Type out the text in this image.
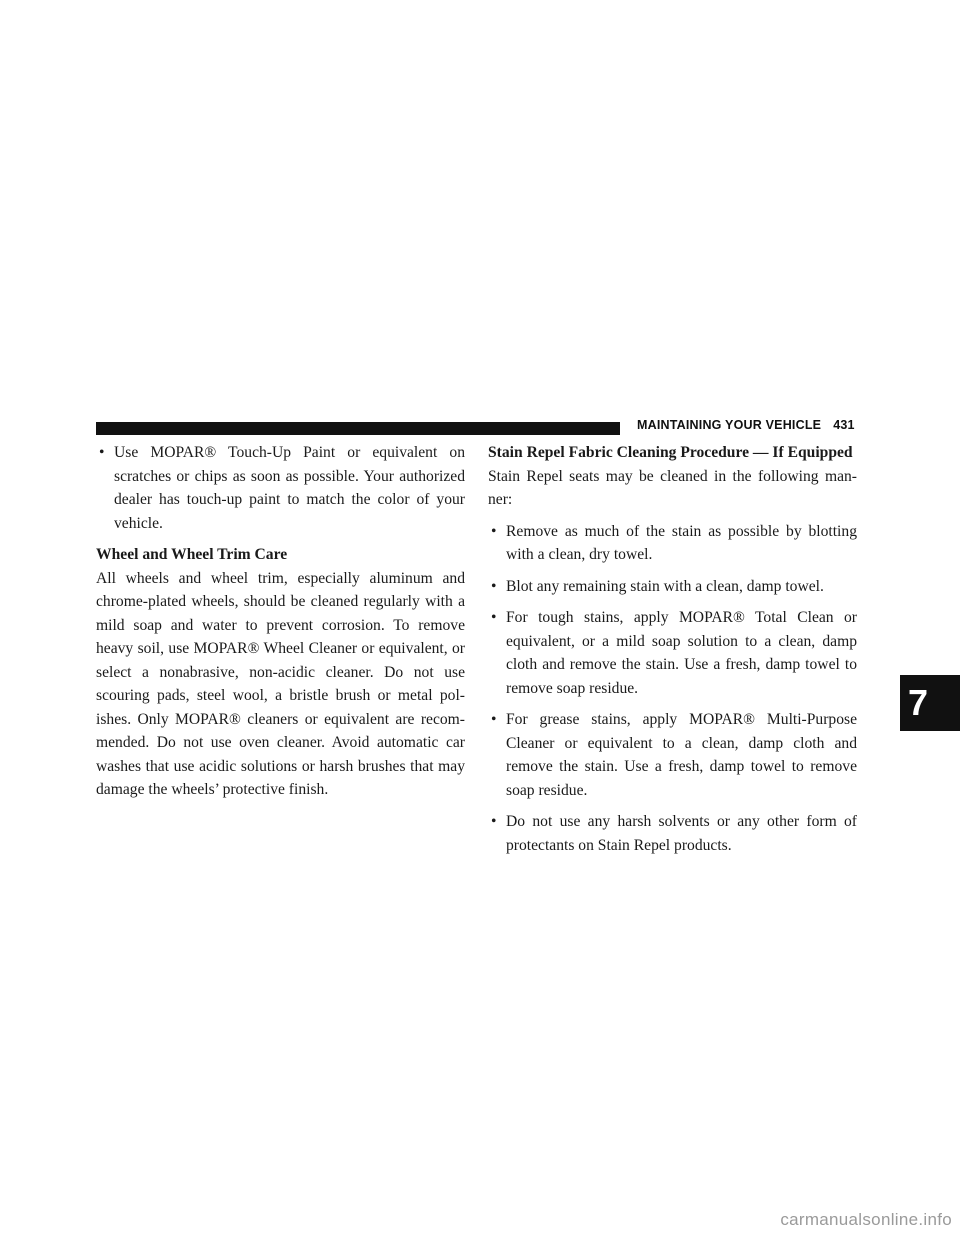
MAINTAINING YOUR VEHICLE 431
• Use MOPAR® Touch-Up Paint or equivalent on scratches or chips as soon as possible. Your authorized dealer has touch-up paint to match the color of your vehicle.

Wheel and Wheel Trim Care

All wheels and wheel trim, especially aluminum and chrome-plated wheels, should be cleaned regularly with a mild soap and water to prevent corrosion. To remove heavy soil, use MOPAR® Wheel Cleaner or equivalent, or select a nonabrasive, non-acidic cleaner. Do not use scouring pads, steel wool, a bristle brush or metal pol- ishes. Only MOPAR® cleaners or equivalent are recom- mended. Do not use oven cleaner. Avoid automatic car washes that use acidic solutions or harsh brushes that may damage the wheels’ protective finish.

Stain Repel Fabric Cleaning Procedure — If Equipped

Stain Repel seats may be cleaned in the following man- ner:

• Remove as much of the stain as possible by blotting with a clean, dry towel.
• Blot any remaining stain with a clean, damp towel.
• For tough stains, apply MOPAR® Total Clean or equivalent, or a mild soap solution to a clean, damp cloth and remove the stain. Use a fresh, damp towel to remove soap residue.
• For grease stains, apply MOPAR® Multi-Purpose Cleaner or equivalent to a clean, damp cloth and remove the stain. Use a fresh, damp towel to remove soap residue.
• Do not use any harsh solvents or any other form of protectants on Stain Repel products.
7
carmanualsonline.info
